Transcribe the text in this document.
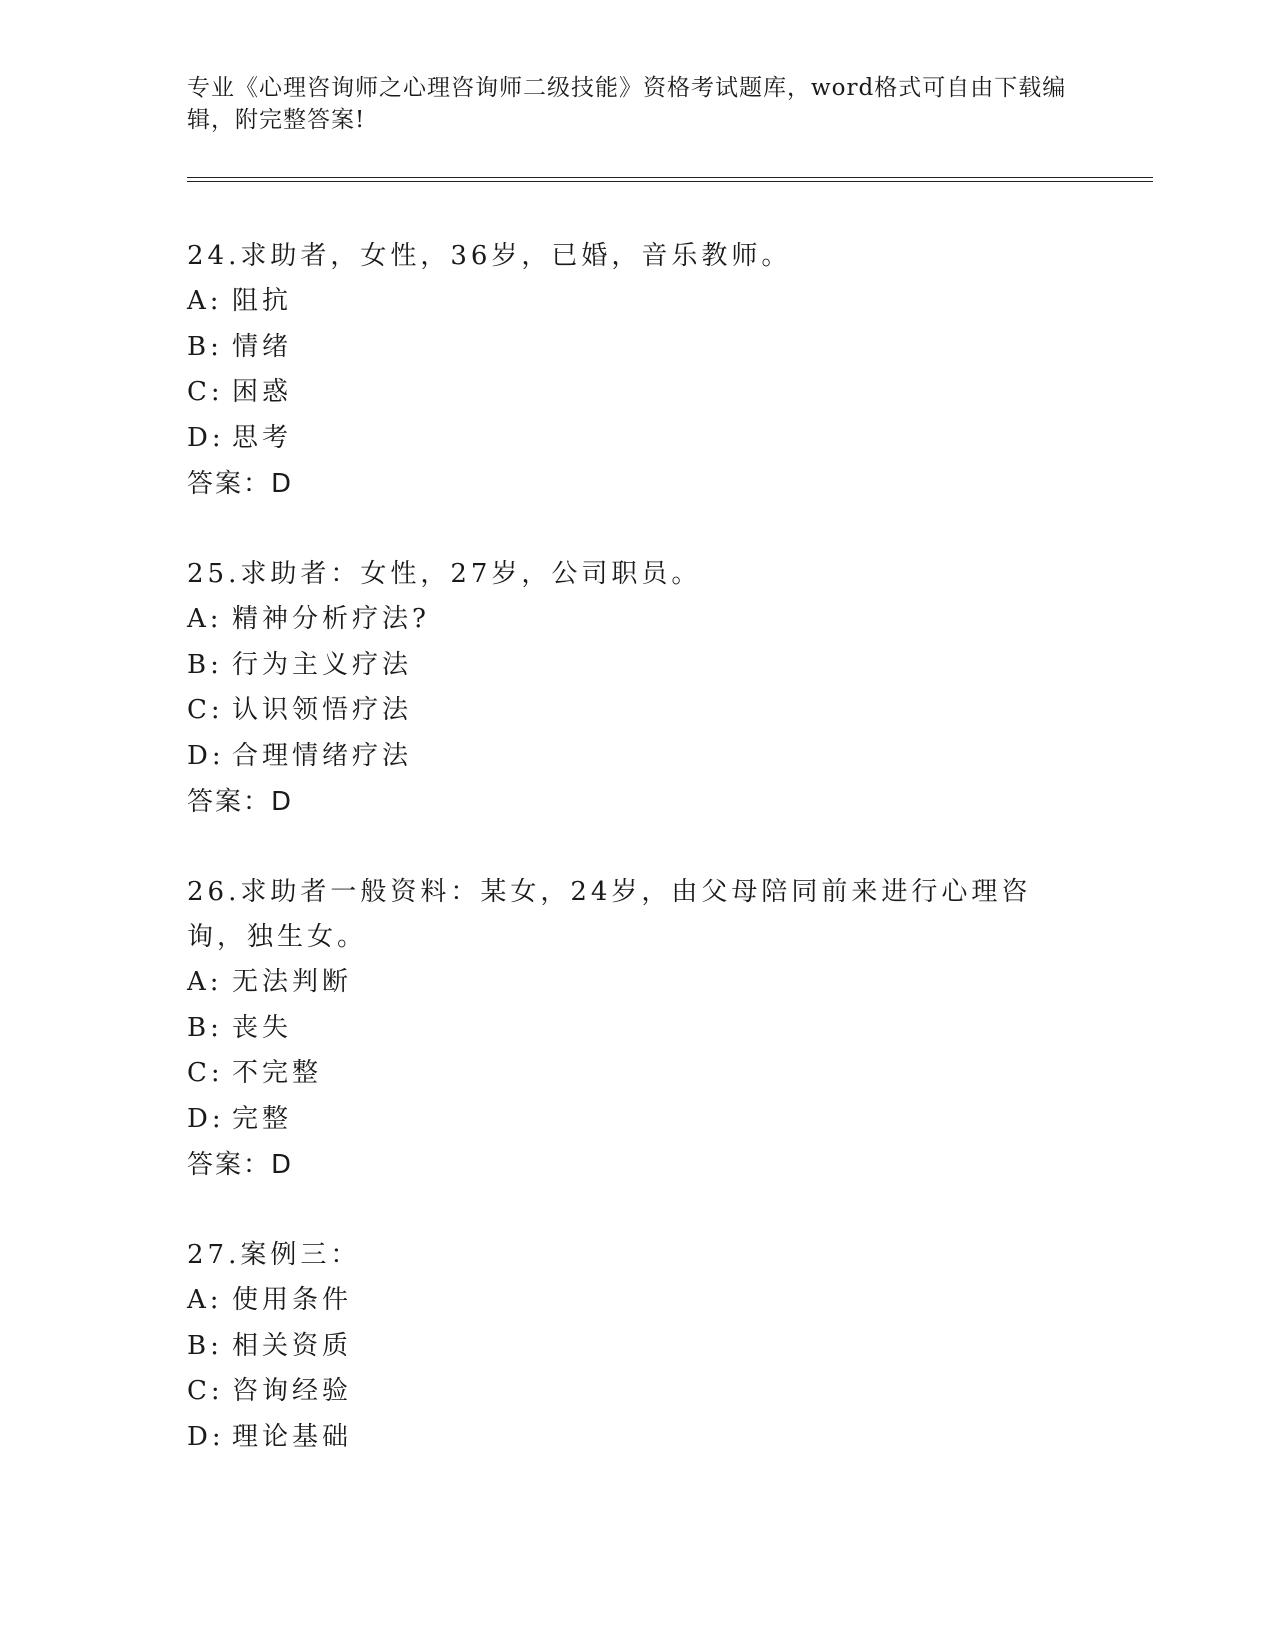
专业《心理咨询师之心理咨询师二级技能》资格考试题库，word格式可自由下载编辑，附完整答案!

24.求助者，女性，36岁，已婚，音乐教师。

A: 阻抗

B: 情绪

C: 困惑

D: 思考

答案：D

25.求助者：女性，27岁，公司职员。

A: 精神分析疗法?

B: 行为主义疗法

C: 认识领悟疗法

D: 合理情绪疗法

答案：D

26.求助者一般资料：某女，24岁，由父母陪同前来进行心理咨询，独生女。

A: 无法判断

B: 丧失

C: 不完整

D: 完整

答案：D

27.案例三：

A: 使用条件

B: 相关资质

C: 咨询经验

D: 理论基础
